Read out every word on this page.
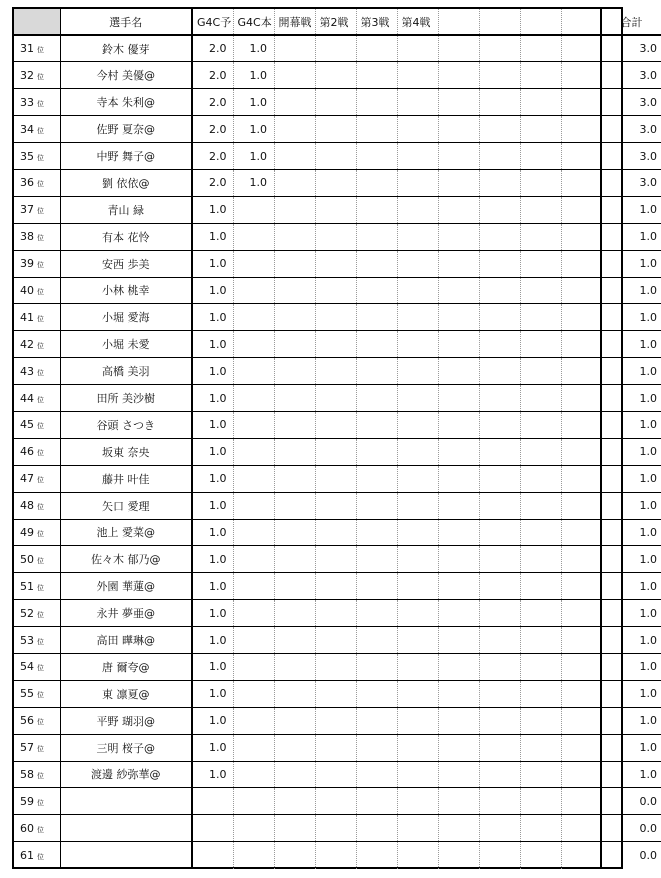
	選手名	G4C予	G4C本	開幕戦	第2戦	第3戦	第4戦					合計
31 位	鈴木 優芽	2.0	1.0									3.0
32 位	今村 美優@	2.0	1.0									3.0
33 位	寺本 朱利@	2.0	1.0									3.0
34 位	佐野 夏奈@	2.0	1.0									3.0
35 位	中野 舞子@	2.0	1.0									3.0
36 位	劉 依依@	2.0	1.0									3.0
37 位	青山 緑	1.0										1.0
38 位	有本 花怜	1.0										1.0
39 位	安西 歩美	1.0										1.0
40 位	小林 桃幸	1.0										1.0
41 位	小堀 愛海	1.0										1.0
42 位	小堀 未愛	1.0										1.0
43 位	高橋 美羽	1.0										1.0
44 位	田所 美沙樹	1.0										1.0
45 位	谷頭 さつき	1.0										1.0
46 位	坂東 奈央	1.0										1.0
47 位	藤井 叶佳	1.0										1.0
48 位	矢口 愛理	1.0										1.0
49 位	池上 愛菜@	1.0										1.0
50 位	佐々木 郁乃@	1.0										1.0
51 位	外園 華蓮@	1.0										1.0
52 位	永井 夢亜@	1.0										1.0
53 位	高田 曄琳@	1.0										1.0
54 位	唐 爾夸@	1.0										1.0
55 位	東 凛夏@	1.0										1.0
56 位	平野 瑚羽@	1.0										1.0
57 位	三明 桜子@	1.0										1.0
58 位	渡邊 紗弥華@	1.0										1.0
59 位												0.0
60 位												0.0
61 位												0.0
